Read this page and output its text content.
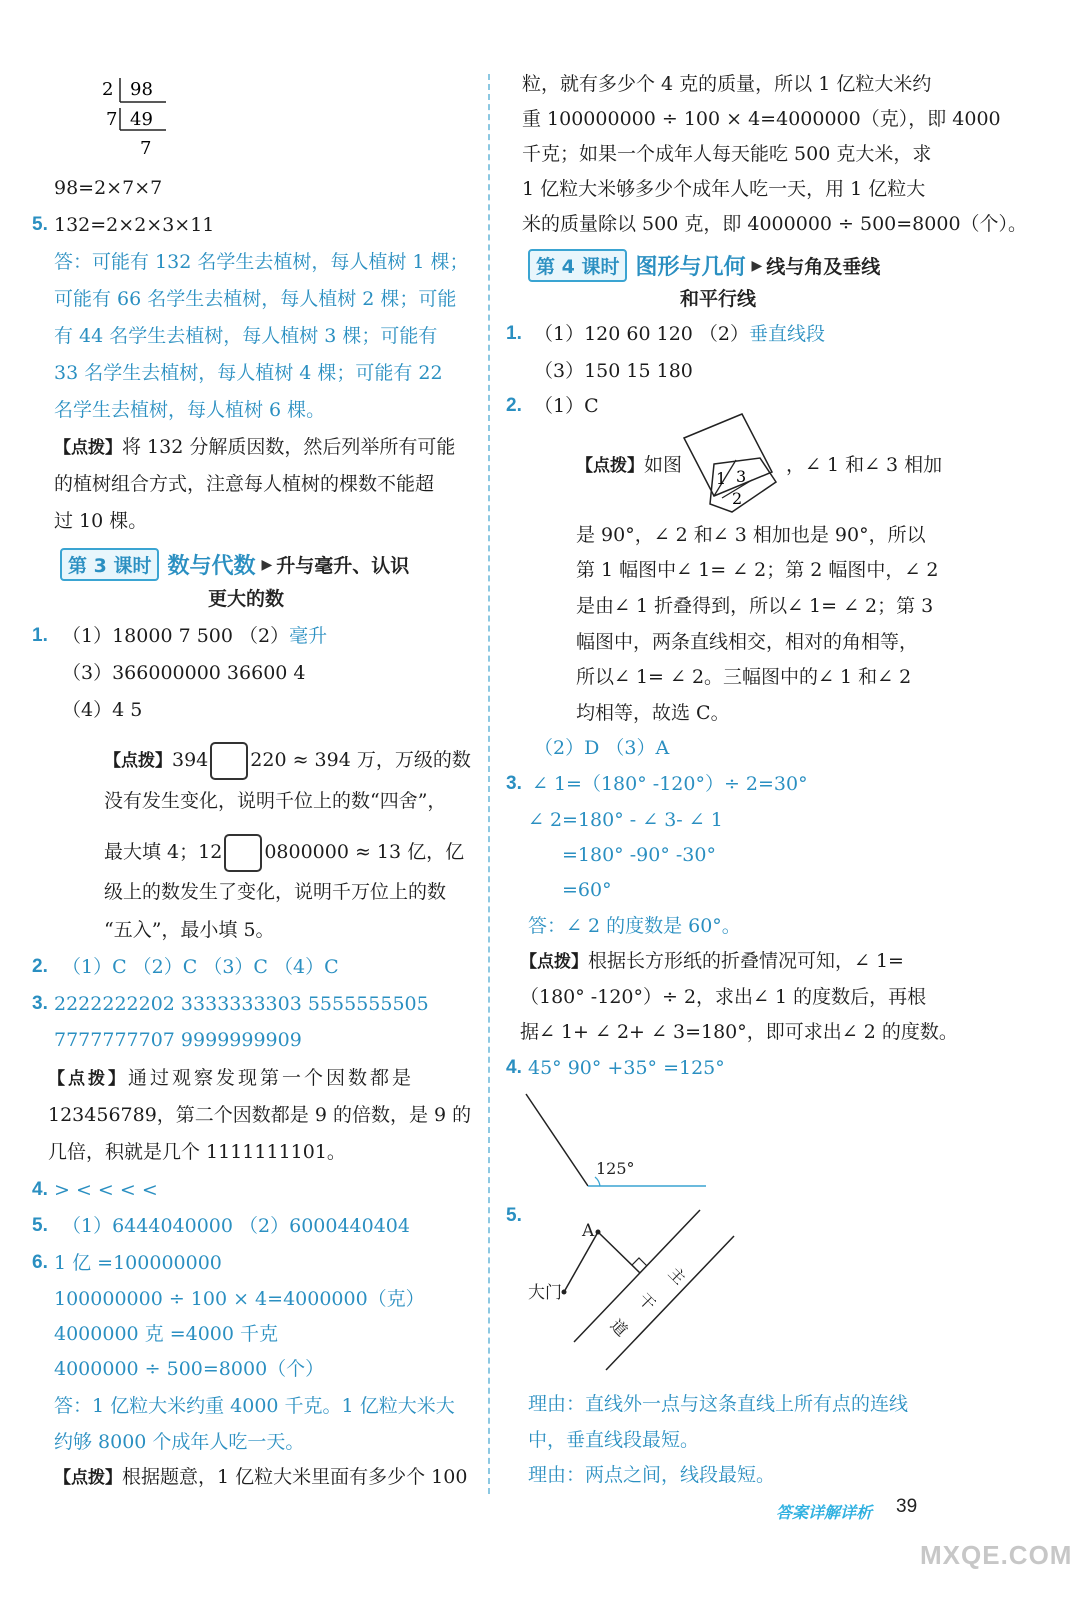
2 98
7 49
7
98=2×7×7
5. 132=2×2×3×11
答：可能有 132 名学生去植树，每人植树 1 棵；
可能有 66 名学生去植树，每人植树 2 棵；可能
有 44 名学生去植树，每人植树 3 棵；可能有
33 名学生去植树，每人植树 4 棵；可能有 22
名学生去植树，每人植树 6 棵。
【点拨】将 132 分解质因数，然后列举所有可能
的植树组合方式，注意每人植树的棵数不能超
过 10 棵。
第 3 课时 数与代数 ▶ 升与毫升、认识
更大的数
1. （1）18000 7 500 （2）毫升
（3）366000000 36600 4
（4）4 5
【点拨】394 220 ≈ 394 万，万级的数
没有发生变化，说明千位上的数“四舍”，
最大填 4；12 0800000 ≈ 13 亿，亿
级上的数发生了变化，说明千万位上的数
“五入”，最小填 5。
2. （1）C （2）C （3）C （4）C
3. 2222222202 3333333303 5555555505
7777777707 9999999909
【点拨】通过观察发现第一个因数都是
123456789，第二个因数都是 9 的倍数，是 9 的
几倍，积就是几个 1111111101。
4. > < < < <
5. （1）6444040000 （2）6000440404
6. 1 亿 =100000000
100000000 ÷ 100 × 4=4000000（克）
4000000 克 =4000 千克
4000000 ÷ 500=8000（个）
答：1 亿粒大米约重 4000 千克。1 亿粒大米大
约够 8000 个成年人吃一天。
【点拨】根据题意，1 亿粒大米里面有多少个 100
粒，就有多少个 4 克的质量，所以 1 亿粒大米约
重 100000000 ÷ 100 × 4=4000000（克），即 4000
千克；如果一个成年人每天能吃 500 克大米，求
1 亿粒大米够多少个成年人吃一天，用 1 亿粒大
米的质量除以 500 克，即 4000000 ÷ 500=8000（个）。
第 4 课时 图形与几何 ▶ 线与角及垂线
和平行线
1. （1）120 60 120 （2）垂直线段
（3）150 15 180
2. （1）C
【点拨】如图
1 3
2
，∠ 1 和∠ 3 相加
是 90°，∠ 2 和∠ 3 相加也是 90°，所以
第 1 幅图中∠ 1= ∠ 2；第 2 幅图中，∠ 2
是由∠ 1 折叠得到，所以∠ 1= ∠ 2；第 3
幅图中，两条直线相交，相对的角相等，
所以∠ 1= ∠ 2。三幅图中的∠ 1 和∠ 2
均相等，故选 C。
（2）D （3）A
3. ∠ 1=（180° -120°）÷ 2=30°
∠ 2=180° - ∠ 3- ∠ 1
=180° -90° -30°
=60°
答：∠ 2 的度数是 60°。
【点拨】根据长方形纸的折叠情况可知，∠ 1=
（180° -120°）÷ 2，求出∠ 1 的度数后，再根
据∠ 1+ ∠ 2+ ∠ 3=180°，即可求出∠ 2 的度数。
4. 45° 90° +35° =125°
125°
5.
A
大门
主
干
道
理由：直线外一点与这条直线上所有点的连线
中，垂直线段最短。
理由：两点之间，线段最短。
答案详解详析 39
MXQE.COM
